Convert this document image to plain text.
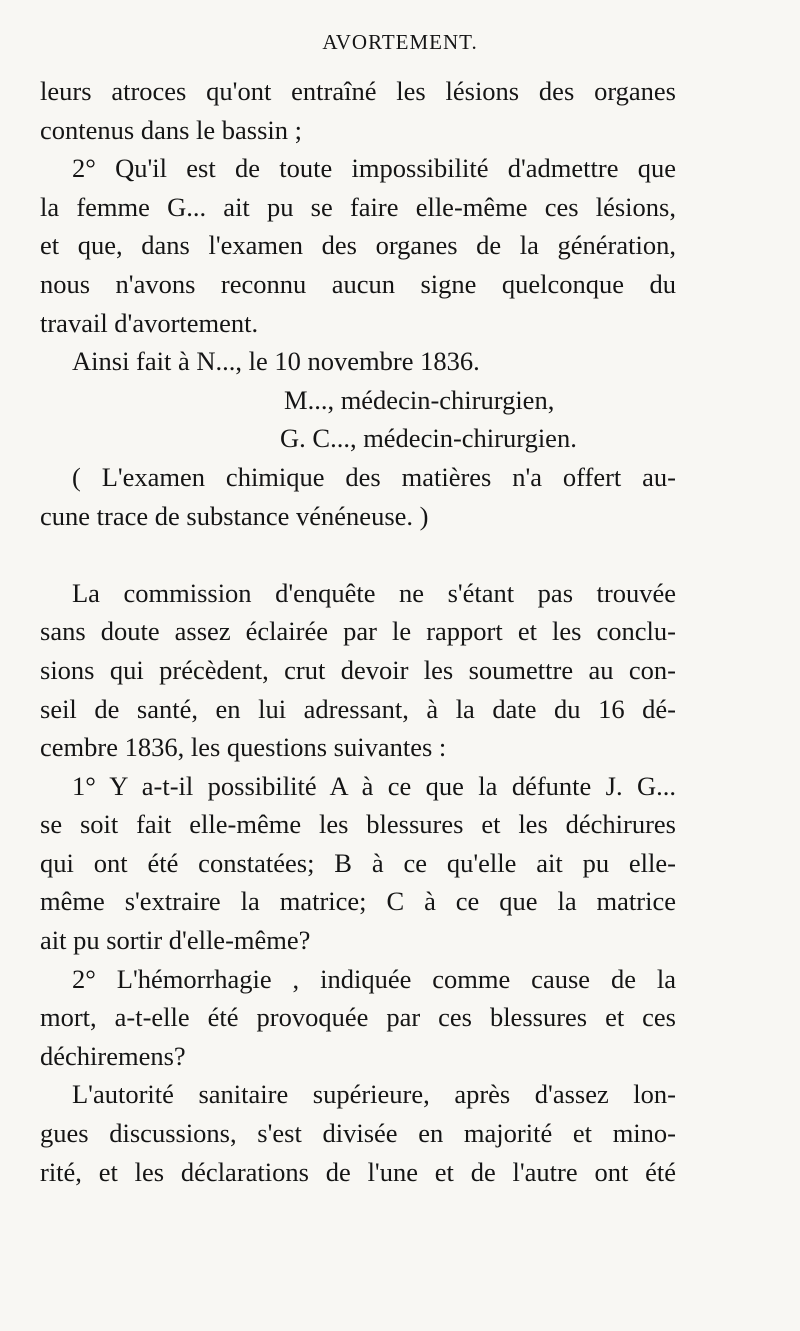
AVORTEMENT.
leurs atroces qu'ont entraîné les lésions des organes
contenus dans le bassin ;
2° Qu'il est de toute impossibilité d'admettre que
la femme G... ait pu se faire elle-même ces lésions,
et que, dans l'examen des organes de la génération,
nous n'avons reconnu aucun signe quelconque du
travail d'avortement.
Ainsi fait à N..., le 10 novembre 1836.
M..., médecin-chirurgien,
G. C..., médecin-chirurgien.
( L'examen chimique des matières n'a offert au-
cune trace de substance vénéneuse. )
La commission d'enquête ne s'étant pas trouvée
sans doute assez éclairée par le rapport et les conclu-
sions qui précèdent, crut devoir les soumettre au con-
seil de santé, en lui adressant, à la date du 16 dé-
cembre 1836, les questions suivantes :
1° Y a-t-il possibilité A à ce que la défunte J. G...
se soit fait elle-même les blessures et les déchirures
qui ont été constatées; B à ce qu'elle ait pu elle-
même s'extraire la matrice; C à ce que la matrice
ait pu sortir d'elle-même?
2° L'hémorrhagie , indiquée comme cause de la
mort, a-t-elle été provoquée par ces blessures et ces
déchiremens?
L'autorité sanitaire supérieure, après d'assez lon-
gues discussions, s'est divisée en majorité et mino-
rité, et les déclarations de l'une et de l'autre ont été
